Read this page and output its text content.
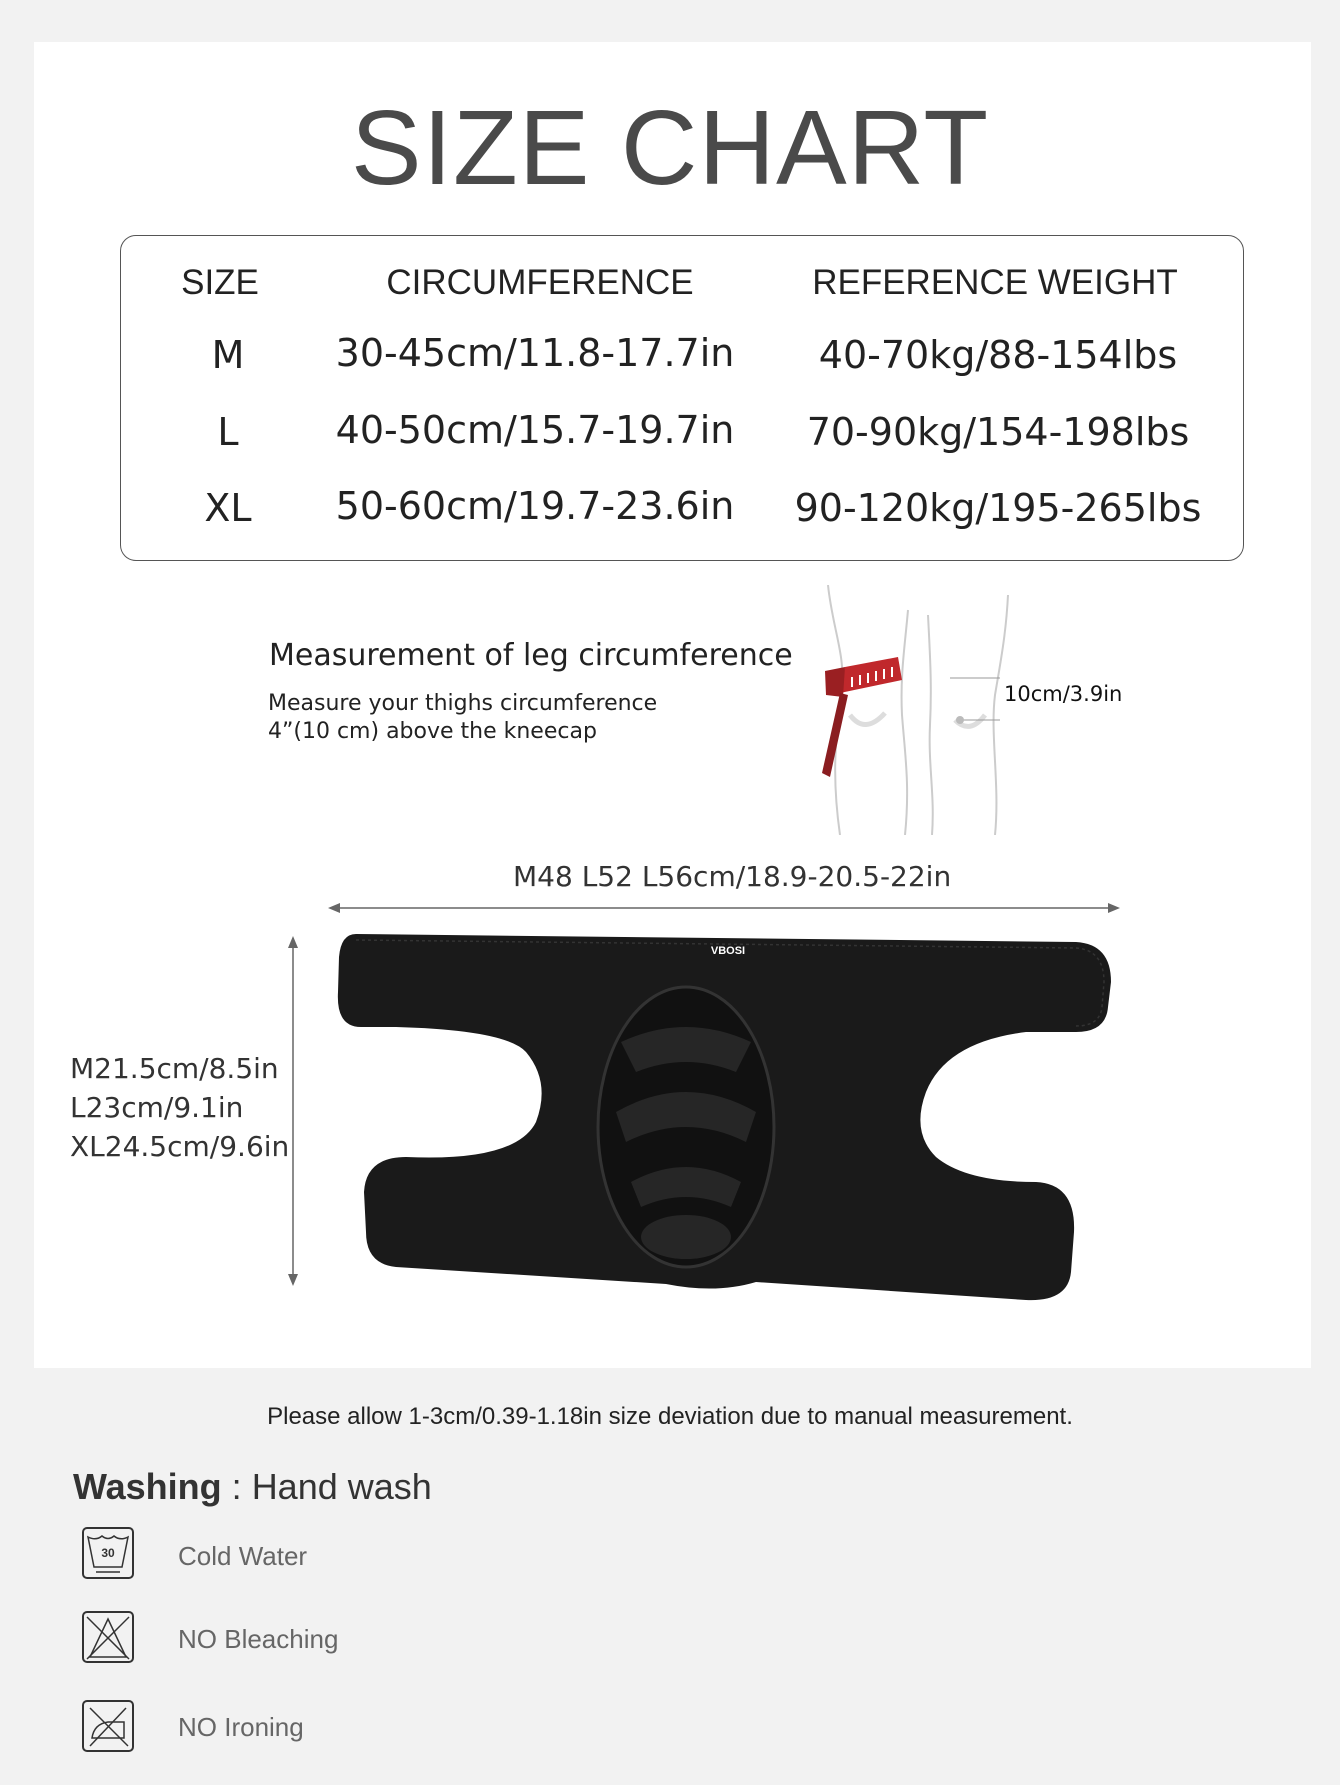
SIZE CHART
SIZE	CIRCUMFERENCE	REFERENCE WEIGHT
M 30-45cm/11.8-17.7in 40-70kg/88-154lbs
L	40-50cm/15.7-19.7in 70-90kg/154-198lbs
XL 50-60cm/19.7-23.6in 90-120kg/195-265lbs
Measurement of leg circumference
Measure your thighs circumference
4”(10 cm) above the kneecap
10cm/3.9in
M48 L52 L56cm/18.9-20.5-22in
M21.5cm/8.5in
L23cm/9.1in
XL24.5cm/9.6in
VBOSI
Please allow 1-3cm/0.39-1.18in size deviation due to manual measurement.
Washing : Hand wash
30 Cold Water
NO Bleaching
NO Ironing
